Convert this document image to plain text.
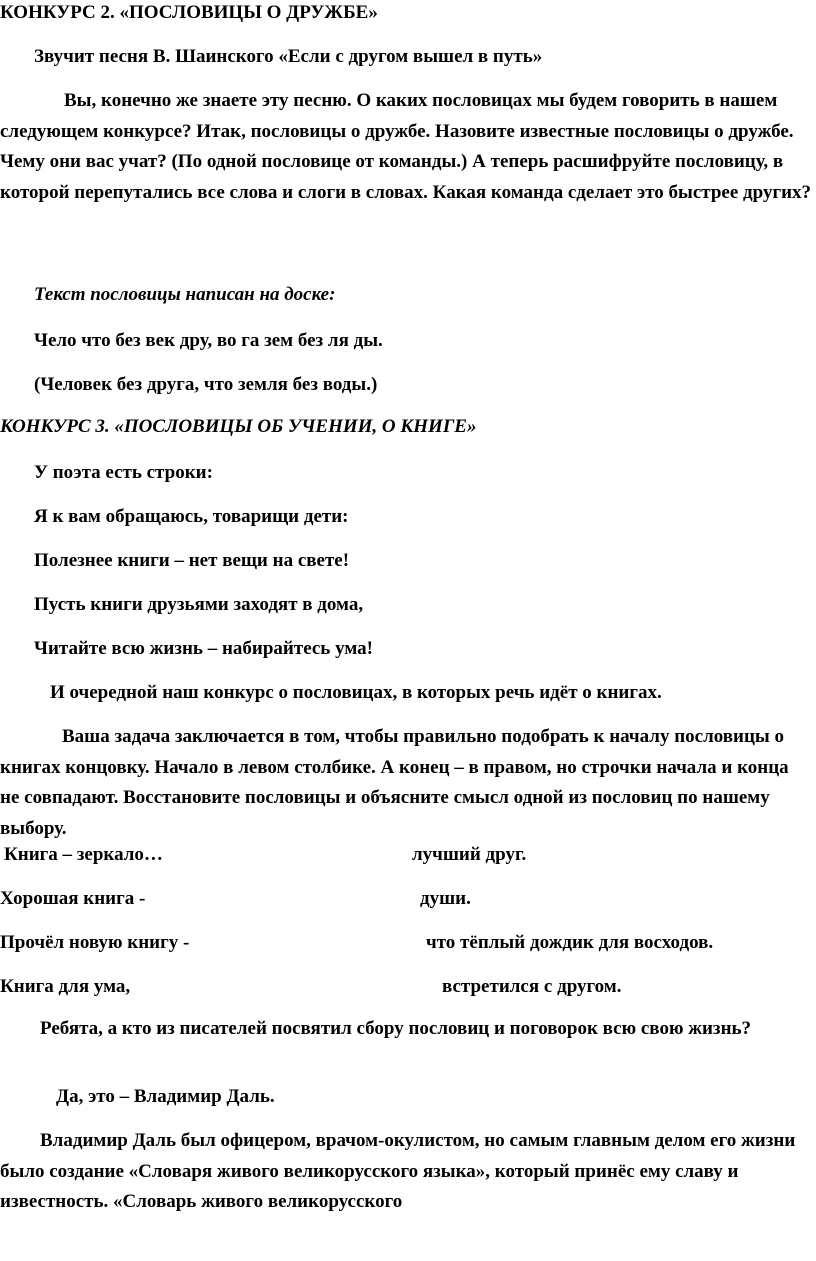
КОНКУРС 2. «ПОСЛОВИЦЫ О ДРУЖБЕ»
Звучит песня В. Шаинского «Если с другом вышел в путь»
Вы, конечно же знаете эту песню. О каких пословицах мы будем говорить в нашем следующем конкурсе? Итак, пословицы о дружбе. Назовите известные пословицы о дружбе. Чему они вас учат? (По одной пословице от команды.) А теперь расшифруйте пословицу, в которой перепутались все слова и слоги в словах. Какая команда сделает это быстрее других?
Текст пословицы написан на доске:
Чело что без век дру, во га зем без ля ды.
(Человек без друга, что земля без воды.)
КОНКУРС 3. «ПОСЛОВИЦЫ ОБ УЧЕНИИ, О КНИГЕ»
У поэта есть строки:
Я к вам обращаюсь, товарищи дети:
Полезнее книги – нет вещи на свете!
Пусть книги друзьями заходят в дома,
Читайте всю жизнь – набирайтесь ума!
И очередной наш конкурс о пословицах, в которых речь идёт о книгах.
Ваша задача заключается в том, чтобы правильно подобрать к началу пословицы о книгах концовку. Начало в левом столбике. А конец – в правом, но строчки начала и конца не совпадают. Восстановите пословицы и объясните смысл одной из пословиц по нашему выбору.
Книга – зеркало…	лучший друг.
Хорошая книга -	души.
Прочёл новую книгу -	что тёплый дождик для восходов.
Книга для ума,	встретился с другом.
Ребята, а кто из писателей посвятил сбору пословиц и поговорок всю свою жизнь?
Да, это – Владимир Даль.
Владимир Даль был офицером, врачом-окулистом, но самым главным делом его жизни было создание «Словаря живого великорусского языка», который принёс ему славу и известность. «Словарь живого великорусского
